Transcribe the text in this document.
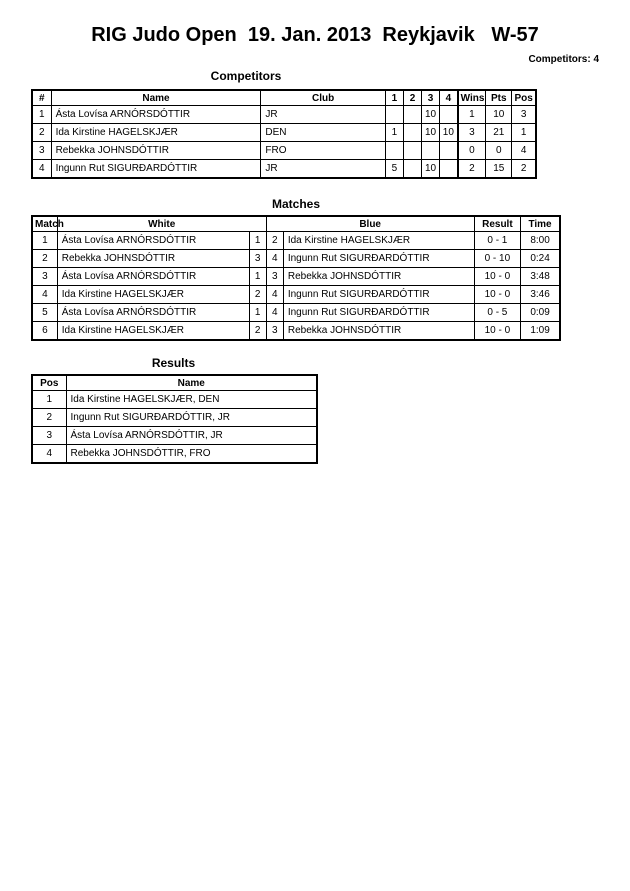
RIG Judo Open  19. Jan. 2013  Reykjavik   W-57
Competitors: 4
Competitors
#	Name	Club	1	2	3	4	Wins	Pts	Pos
1	Ásta Lovísa ARNÓRSDÓTTIR	JR			10		1	10	3
2	Ida Kirstine HAGELSKJÆR	DEN	1		10	10	3	21	1
3	Rebekka JOHNSDÓTTIR	FRO					0	0	4
4	Ingunn Rut SIGURÐARDÓTTIR	JR	5		10		2	15	2
Matches
Match	White		Blue		Result	Time
1	Ásta Lovísa ARNÓRSDÓTTIR	1	2	Ida Kirstine HAGELSKJÆR	0 - 1	8:00
2	Rebekka JOHNSDÓTTIR	3	4	Ingunn Rut SIGURÐARDÓTTIR	0 - 10	0:24
3	Ásta Lovísa ARNÓRSDÓTTIR	1	3	Rebekka JOHNSDÓTTIR	10 - 0	3:48
4	Ida Kirstine HAGELSKJÆR	2	4	Ingunn Rut SIGURÐARDÓTTIR	10 - 0	3:46
5	Ásta Lovísa ARNÓRSDÓTTIR	1	4	Ingunn Rut SIGURÐARDÓTTIR	0 - 5	0:09
6	Ida Kirstine HAGELSKJÆR	2	3	Rebekka JOHNSDÓTTIR	10 - 0	1:09
Results
Pos	Name
1	Ida Kirstine HAGELSKJÆR, DEN
2	Ingunn Rut SIGURÐARDÓTTIR, JR
3	Ásta Lovísa ARNÓRSDÓTTIR, JR
4	Rebekka JOHNSDÓTTIR, FRO
